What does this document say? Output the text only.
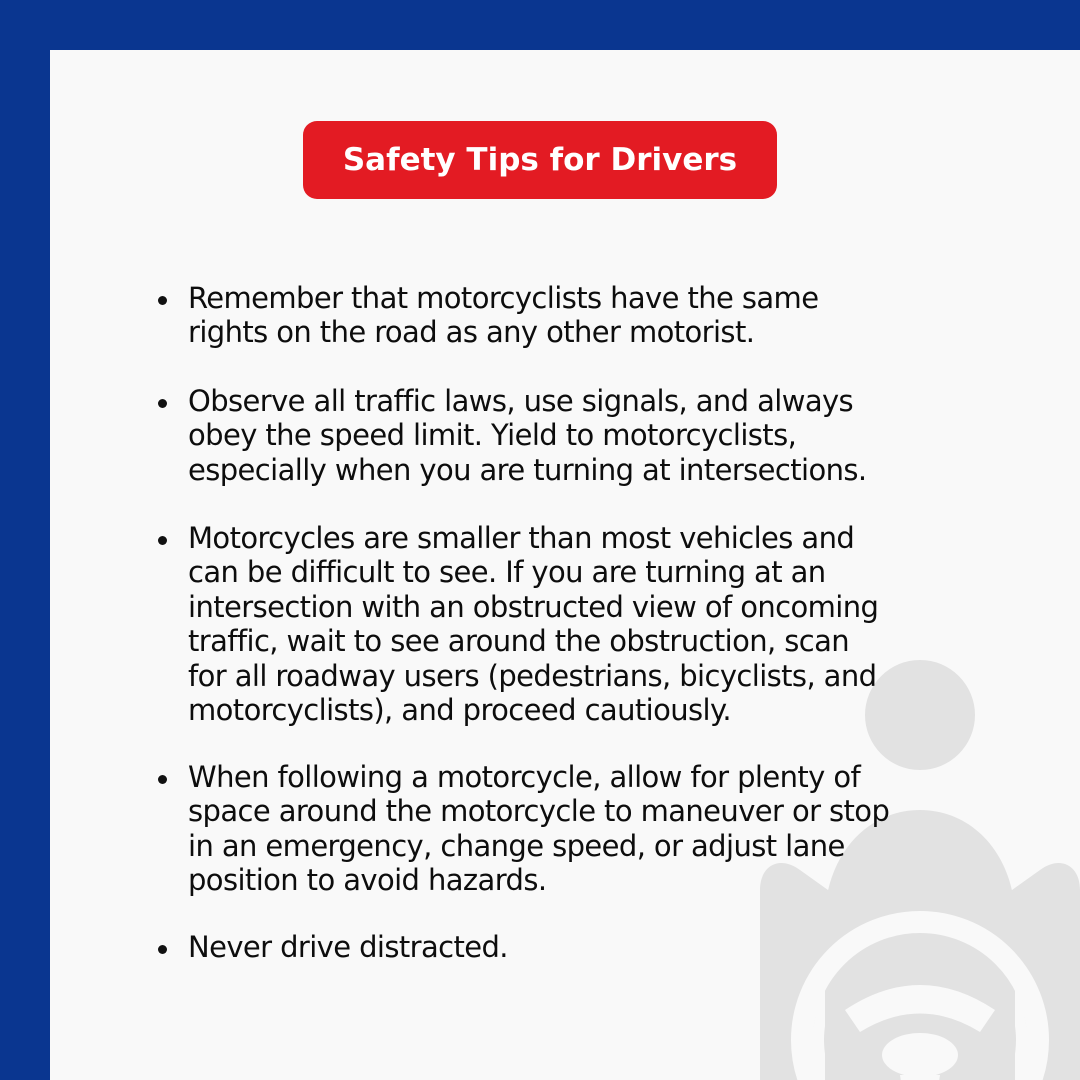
Safety Tips for Drivers
Remember that motorcyclists have the same
rights on the road as any other motorist.
Observe all traffic laws, use signals, and always
obey the speed limit. Yield to motorcyclists,
especially when you are turning at intersections.
Motorcycles are smaller than most vehicles and
can be difficult to see. If you are turning at an
intersection with an obstructed view of oncoming
traffic, wait to see around the obstruction, scan
for all roadway users (pedestrians, bicyclists, and
motorcyclists), and proceed cautiously.
When following a motorcycle, allow for plenty of
space around the motorcycle to maneuver or stop
in an emergency, change speed, or adjust lane
position to avoid hazards.
Never drive distracted.
